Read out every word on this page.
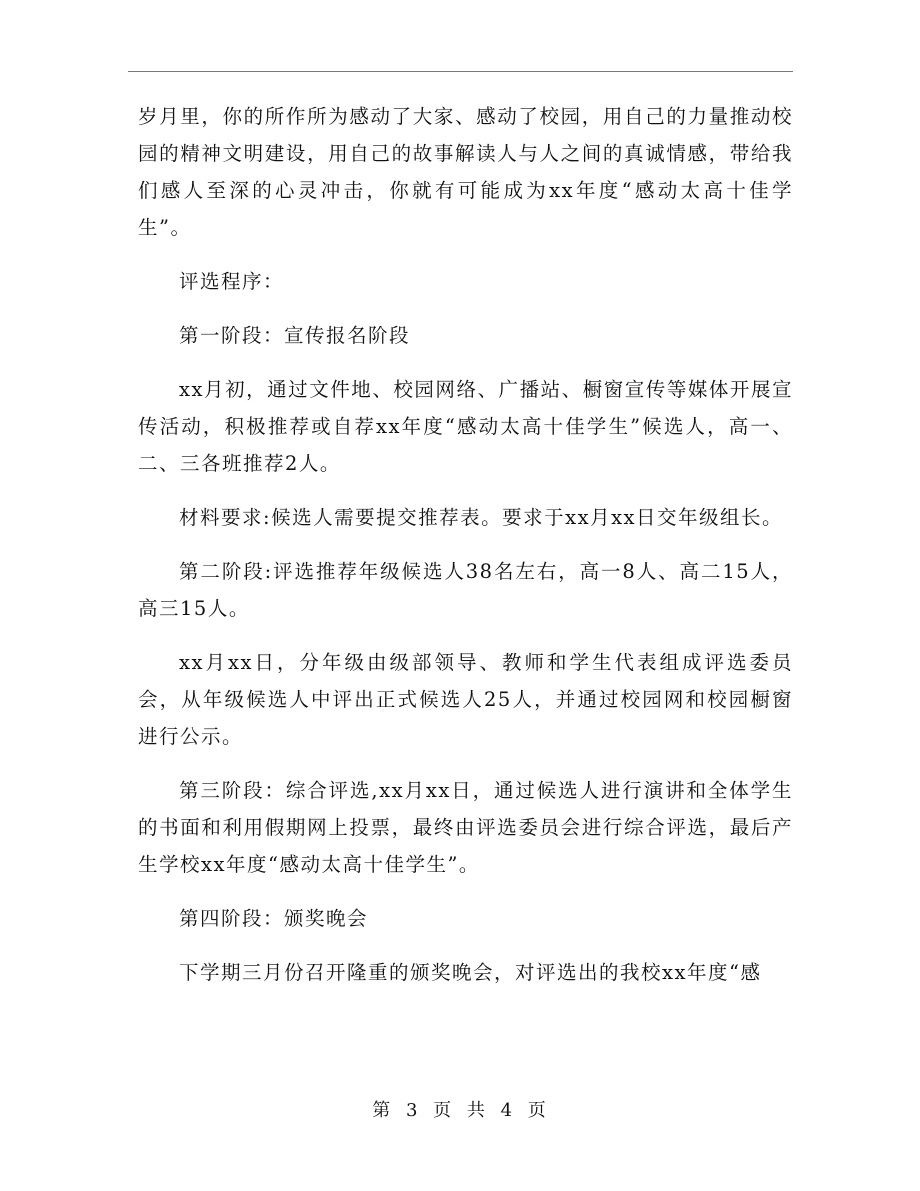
岁月里，你的所作所为感动了大家、感动了校园，用自己的力量推动校园的精神文明建设，用自己的故事解读人与人之间的真诚情感，带给我们感人至深的心灵冲击，你就有可能成为xx年度“感动太高十佳学生”。

评选程序：

第一阶段：宣传报名阶段

xx月初，通过文件地、校园网络、广播站、橱窗宣传等媒体开展宣传活动，积极推荐或自荐xx年度“感动太高十佳学生”候选人，高一、二、三各班推荐2人。

材料要求:候选人需要提交推荐表。要求于xx月xx日交年级组长。

第二阶段:评选推荐年级候选人38名左右，高一8人、高二15人，高三15人。

xx月xx日，分年级由级部领导、教师和学生代表组成评选委员会，从年级候选人中评出正式候选人25人，并通过校园网和校园橱窗进行公示。

第三阶段：综合评选,xx月xx日，通过候选人进行演讲和全体学生的书面和利用假期网上投票，最终由评选委员会进行综合评选，最后产生学校xx年度“感动太高十佳学生”。

第四阶段：颁奖晚会

下学期三月份召开隆重的颁奖晚会，对评选出的我校xx年度“感

第 3 页 共 4 页
